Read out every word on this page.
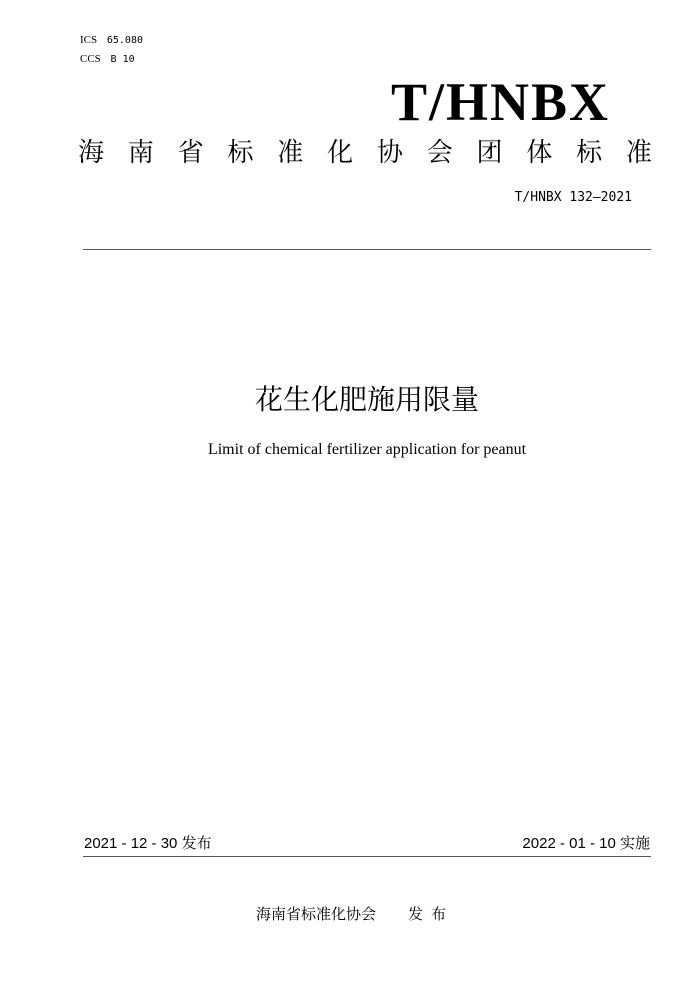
ICS 65.080
CCS B 10
T/HNBX
海 南 省 标 准 化 协 会 团 体 标 准
T/HNBX 132—2021
花生化肥施用限量
Limit of chemical fertilizer application for peanut
2021 - 12 - 30 发布	2022 - 01 - 10 实施
海南省标准化协会 发布
